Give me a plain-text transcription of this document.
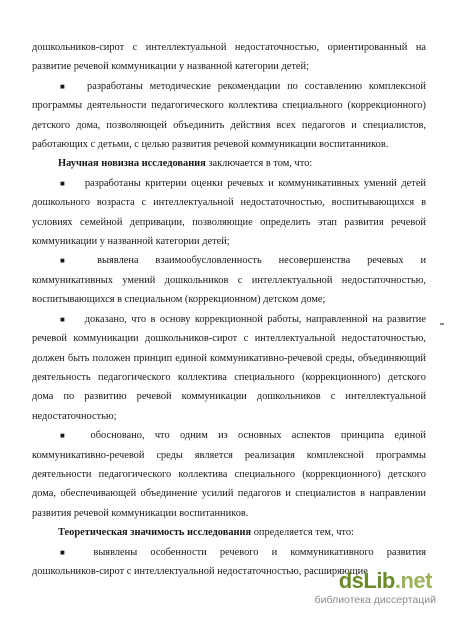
дошкольников-сирот с интеллектуальной недостаточностью, ориентированный на развитие речевой коммуникации у названной категории детей;

■ разработаны методические рекомендации по составлению комплексной программы деятельности педагогического коллектива специального (коррекционного) детского дома, позволяющей объединить действия всех педагогов и специалистов, работающих с детьми, с целью развития речевой коммуникации воспитанников.

Научная новизна исследования заключается в том, что:

■ разработаны критерии оценки речевых и коммуникативных умений детей дошкольного возраста с интеллектуальной недостаточностью, воспитывающихся в условиях семейной депривации, позволяющие определить этап развития речевой коммуникации у названной категории детей;

■ выявлена взаимообусловленность несовершенства речевых и коммуникативных умений дошкольников с интеллектуальной недостаточностью, воспитывающихся в специальном (коррекционном) детском доме;

■ доказано, что в основу коррекционной работы, направленной на развитие речевой коммуникации дошкольников-сирот с интеллектуальной недостаточностью, должен быть положен принцип единой коммуникативно-речевой среды, объединяющий деятельность педагогического коллектива специального (коррекционного) детского дома по развитию речевой коммуникации дошкольников с интеллектуальной недостаточностью;

■ обосновано, что одним из основных аспектов принципа единой коммуникативно-речевой среды является реализация комплексной программы деятельности педагогического коллектива специального (коррекционного) детского дома, обеспечивающей объединение усилий педагогов и специалистов в направлении развития речевой коммуникации воспитанников.

Теоретическая значимость исследования определяется тем, что:

■ выявлены особенности речевого и коммуникативного развития дошкольников-сирот с интеллектуальной недостаточностью, расширяющие

dsLib.net
библиотека диссертаций
